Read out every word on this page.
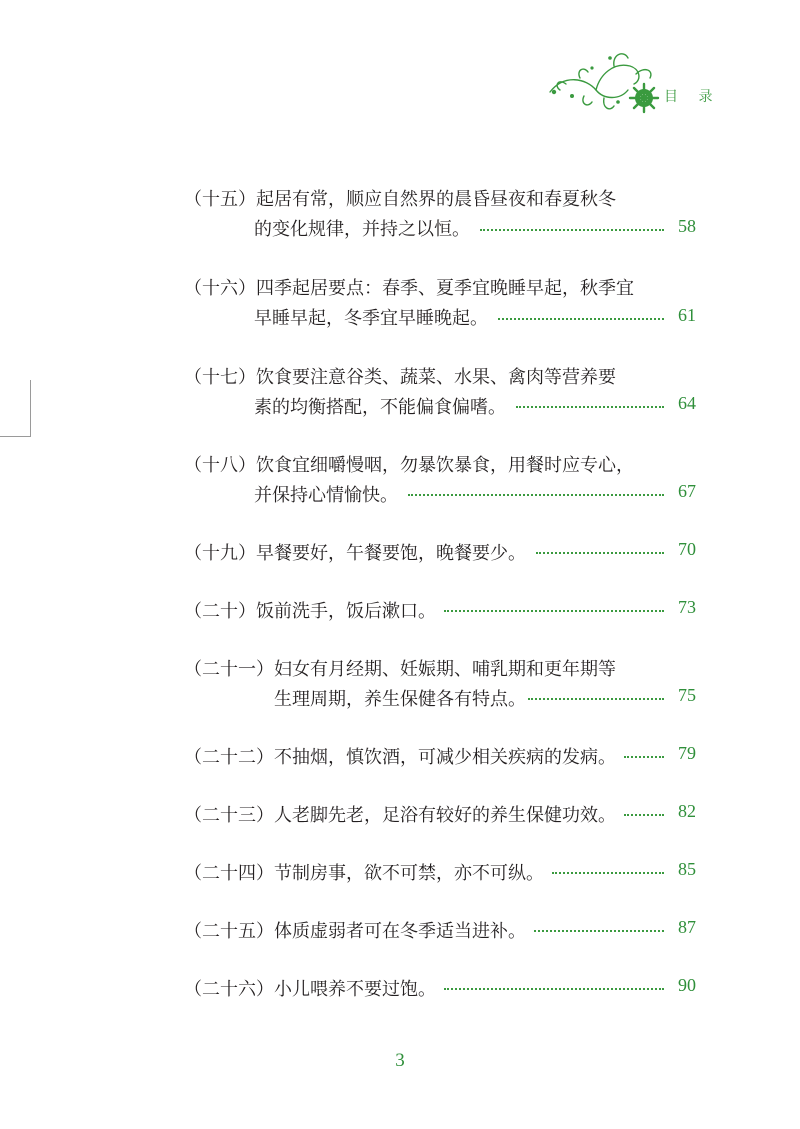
目 录
（十五）起居有常，顺应自然界的晨昏昼夜和春夏秋冬
的变化规律，并持之以恒。	58
（十六）四季起居要点：春季、夏季宜晚睡早起，秋季宜
早睡早起，冬季宜早睡晚起。	61
（十七）饮食要注意谷类、蔬菜、水果、禽肉等营养要
素的均衡搭配，不能偏食偏嗜。	64
（十八）饮食宜细嚼慢咽，勿暴饮暴食，用餐时应专心，
并保持心情愉快。	67
（十九）早餐要好，午餐要饱，晚餐要少。	70
（二十）饭前洗手，饭后漱口。	73
（二十一）妇女有月经期、妊娠期、哺乳期和更年期等
生理周期，养生保健各有特点。	75
（二十二）不抽烟，慎饮酒，可减少相关疾病的发病。	79
（二十三）人老脚先老，足浴有较好的养生保健功效。	82
（二十四）节制房事，欲不可禁，亦不可纵。	85
（二十五）体质虚弱者可在冬季适当进补。	87
（二十六）小儿喂养不要过饱。	90
3
